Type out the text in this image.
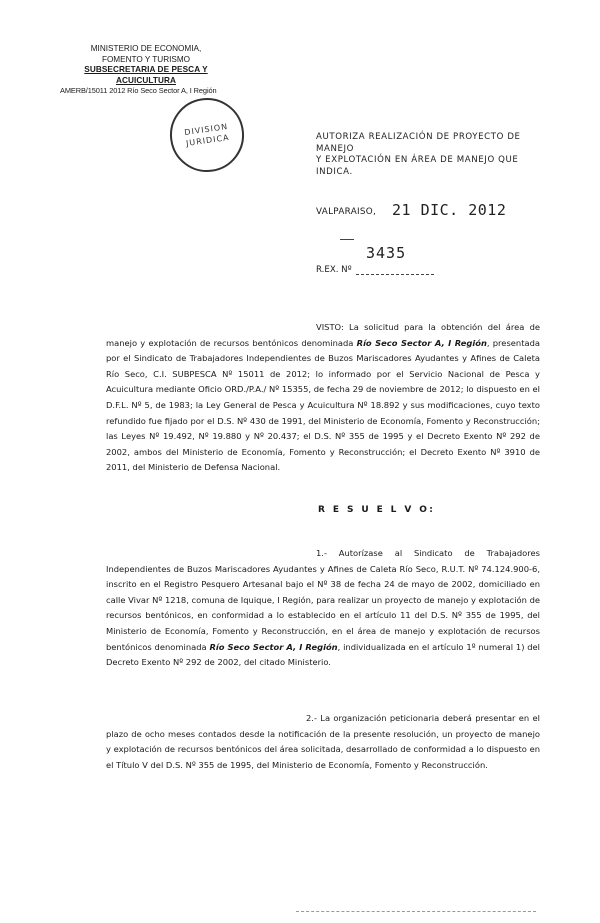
MINISTERIO DE ECONOMIA,
FOMENTO Y TURISMO
SUBSECRETARIA DE PESCA Y ACUICULTURA
AMERB/15011 2012 Río Seco Sector A, I Región
DIVISION
JURIDICA	AUTORIZA REALIZACIÓN DE PROYECTO DE MANEJO
Y EXPLOTACIÓN EN ÁREA DE MANEJO QUE INDICA.
VALPARAISO, 21 DIC. 2012
3435
R.EX. Nº
VISTO: La solicitud para la obtención del área de manejo y explotación de recursos bentónicos denominada Río Seco Sector A, I Región, presentada por el Sindicato de Trabajadores Independientes de Buzos Mariscadores Ayudantes y Afines de Caleta Río Seco, C.I. SUBPESCA Nº 15011 de 2012; lo informado por el Servicio Nacional de Pesca y Acuicultura mediante Oficio ORD./P.A./ Nº 15355, de fecha 29 de noviembre de 2012; lo dispuesto en el D.F.L. Nº 5, de 1983; la Ley General de Pesca y Acuicultura Nº 18.892 y sus modificaciones, cuyo texto refundido fue fijado por el D.S. Nº 430 de 1991, del Ministerio de Economía, Fomento y Reconstrucción; las Leyes Nº 19.492, Nº 19.880 y Nº 20.437; el D.S. Nº 355 de 1995 y el Decreto Exento Nº 292 de 2002, ambos del Ministerio de Economía, Fomento y Reconstrucción; el Decreto Exento Nº 3910 de 2011, del Ministerio de Defensa Nacional.
R E S U E L V O:
1.- Autorízase al Sindicato de Trabajadores Independientes de Buzos Mariscadores Ayudantes y Afines de Caleta Río Seco, R.U.T. Nº 74.124.900-6, inscrito en el Registro Pesquero Artesanal bajo el Nº 38 de fecha 24 de mayo de 2002, domiciliado en calle Vivar Nº 1218, comuna de Iquique, I Región, para realizar un proyecto de manejo y explotación de recursos bentónicos, en conformidad a lo establecido en el artículo 11 del D.S. Nº 355 de 1995, del Ministerio de Economía, Fomento y Reconstrucción, en el área de manejo y explotación de recursos bentónicos denominada Río Seco Sector A, I Región, individualizada en el artículo 1º numeral 1) del Decreto Exento Nº 292 de 2002, del citado Ministerio.
2.- La organización peticionaria deberá presentar en el plazo de ocho meses contados desde la notificación de la presente resolución, un proyecto de manejo y explotación de recursos bentónicos del área solicitada, desarrollado de conformidad a lo dispuesto en el Título V del D.S. Nº 355 de 1995, del Ministerio de Economía, Fomento y Reconstrucción.
